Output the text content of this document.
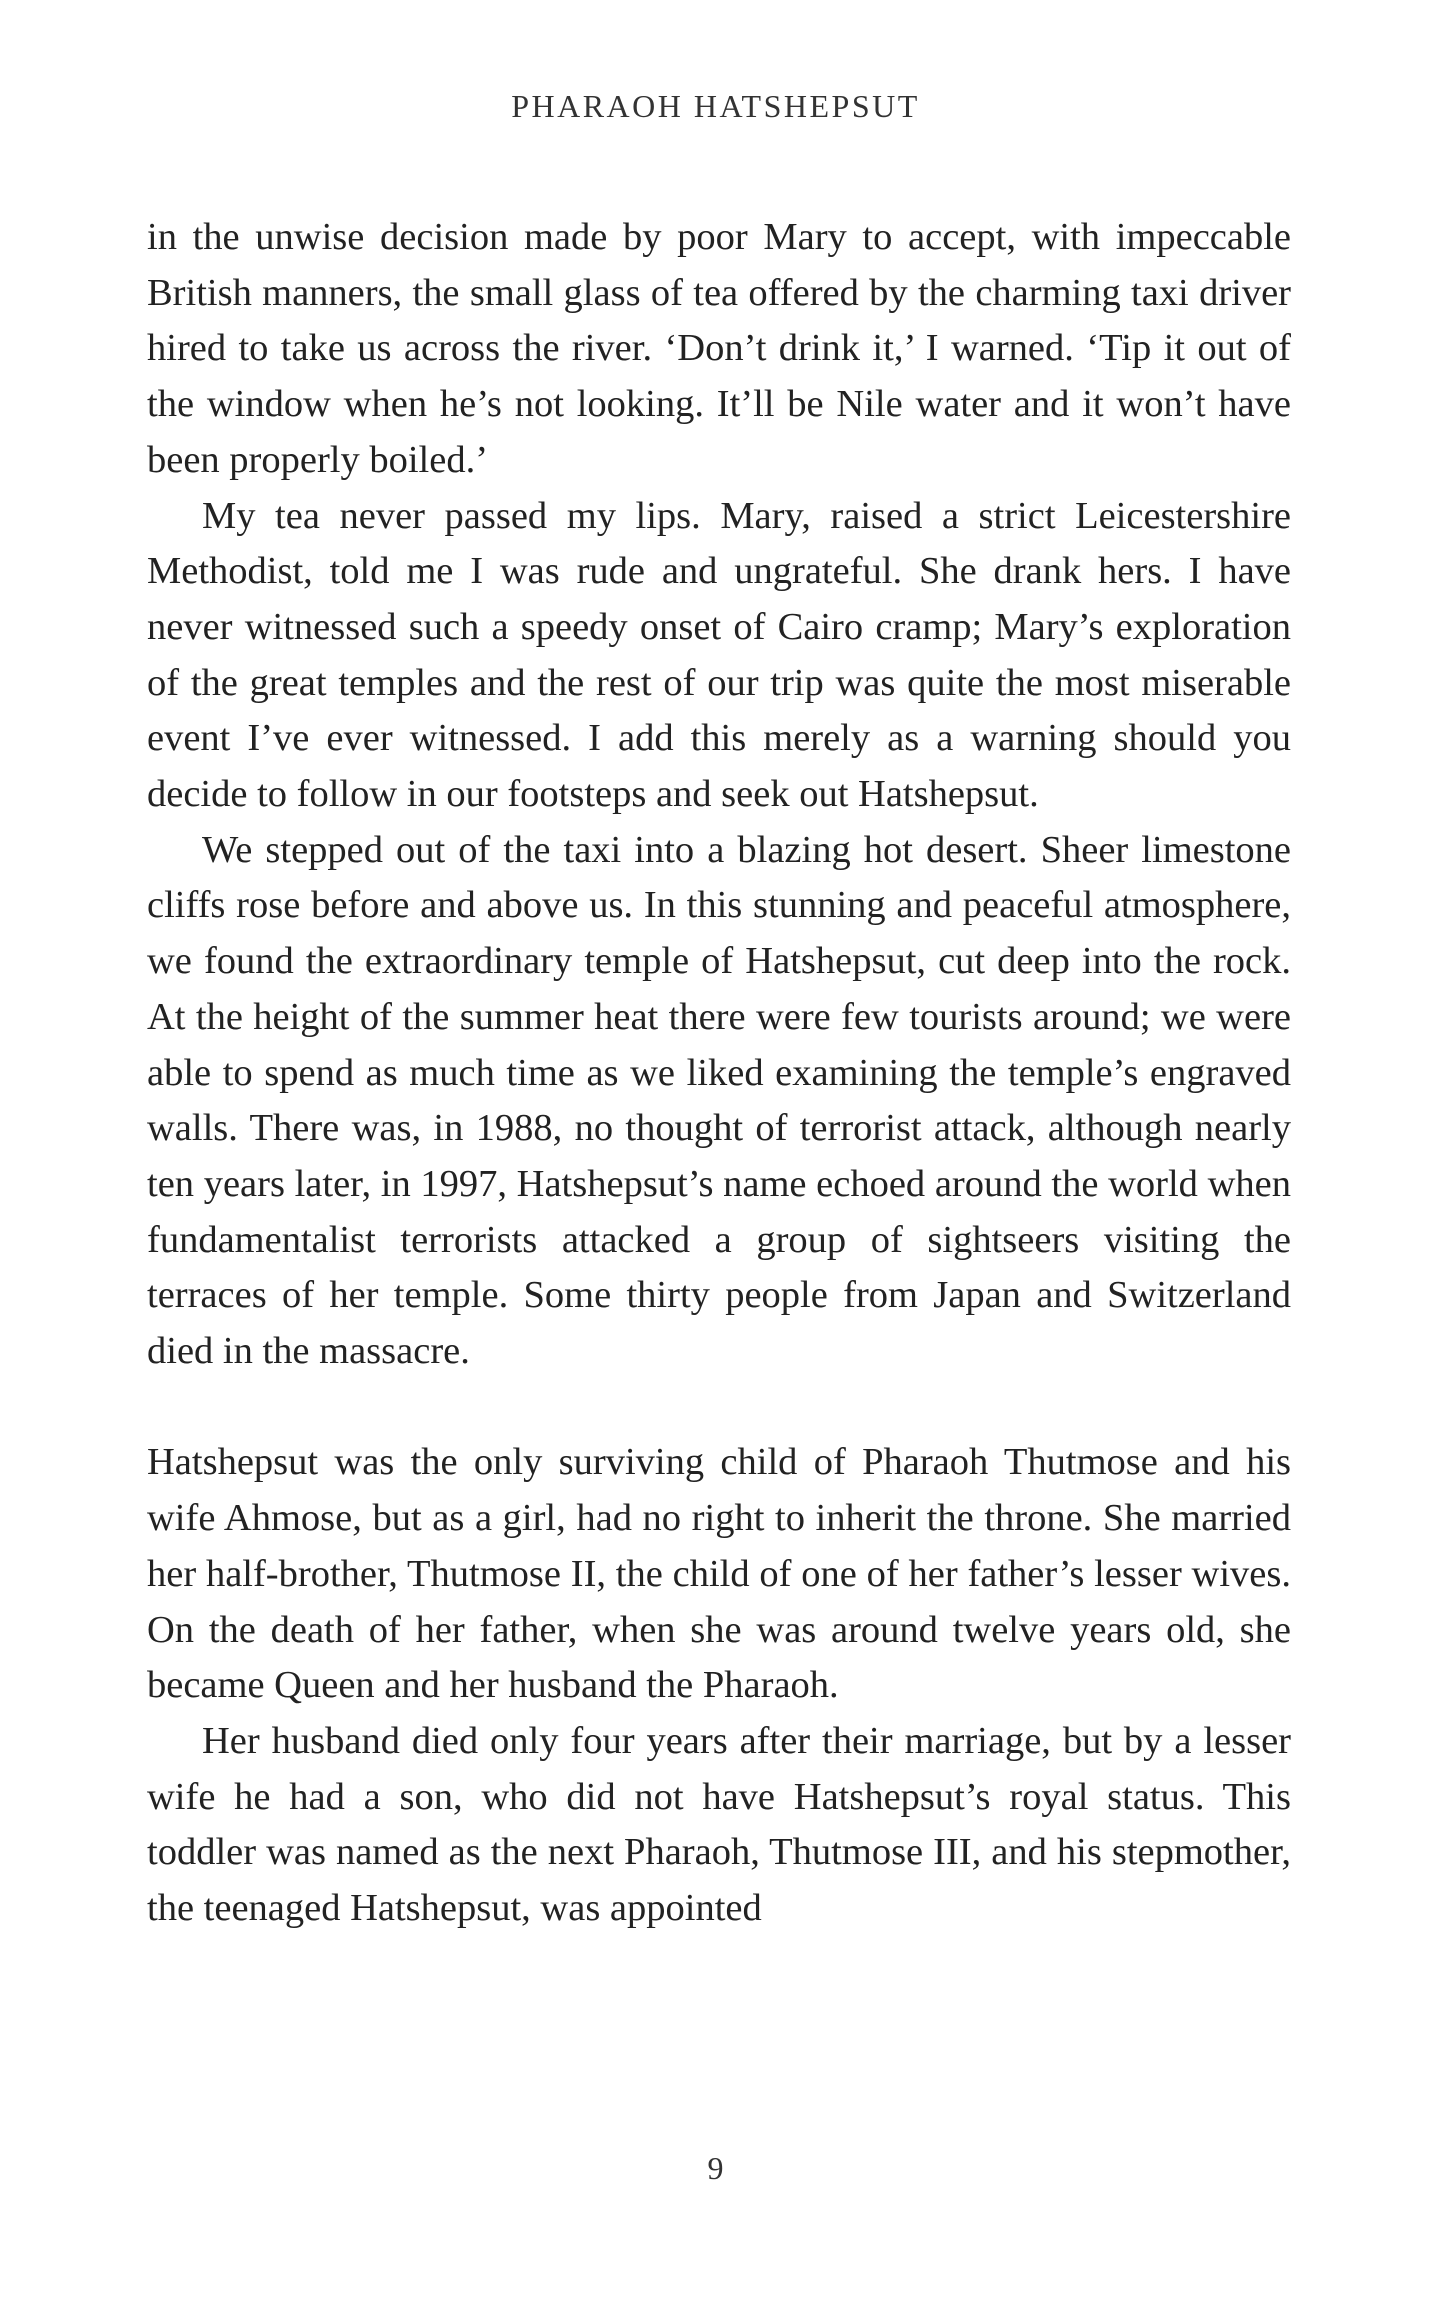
PHARAOH HATSHEPSUT

in the unwise decision made by poor Mary to accept, with impeccable British manners, the small glass of tea offered by the charming taxi driver hired to take us across the river. ‘Don’t drink it,’ I warned. ‘Tip it out of the window when he’s not looking. It’ll be Nile water and it won’t have been properly boiled.’

My tea never passed my lips. Mary, raised a strict Leicestershire Methodist, told me I was rude and ungrateful. She drank hers. I have never witnessed such a speedy onset of Cairo cramp; Mary’s exploration of the great temples and the rest of our trip was quite the most miserable event I’ve ever witnessed. I add this merely as a warning should you decide to follow in our footsteps and seek out Hatshepsut.

We stepped out of the taxi into a blazing hot desert. Sheer limestone cliffs rose before and above us. In this stunning and peaceful atmosphere, we found the extraordinary temple of Hatshepsut, cut deep into the rock. At the height of the summer heat there were few tourists around; we were able to spend as much time as we liked examining the temple’s engraved walls. There was, in 1988, no thought of terrorist attack, although nearly ten years later, in 1997, Hatshepsut’s name echoed around the world when fundamentalist terrorists attacked a group of sightseers visiting the terraces of her temple. Some thirty people from Japan and Switzerland died in the massacre.

Hatshepsut was the only surviving child of Pharaoh Thutmose and his wife Ahmose, but as a girl, had no right to inherit the throne. She married her half-brother, Thutmose II, the child of one of her father’s lesser wives. On the death of her father, when she was around twelve years old, she became Queen and her husband the Pharaoh.

Her husband died only four years after their marriage, but by a lesser wife he had a son, who did not have Hatshepsut’s royal status. This toddler was named as the next Pharaoh, Thutmose III, and his stepmother, the teenaged Hatshepsut, was appointed

9
